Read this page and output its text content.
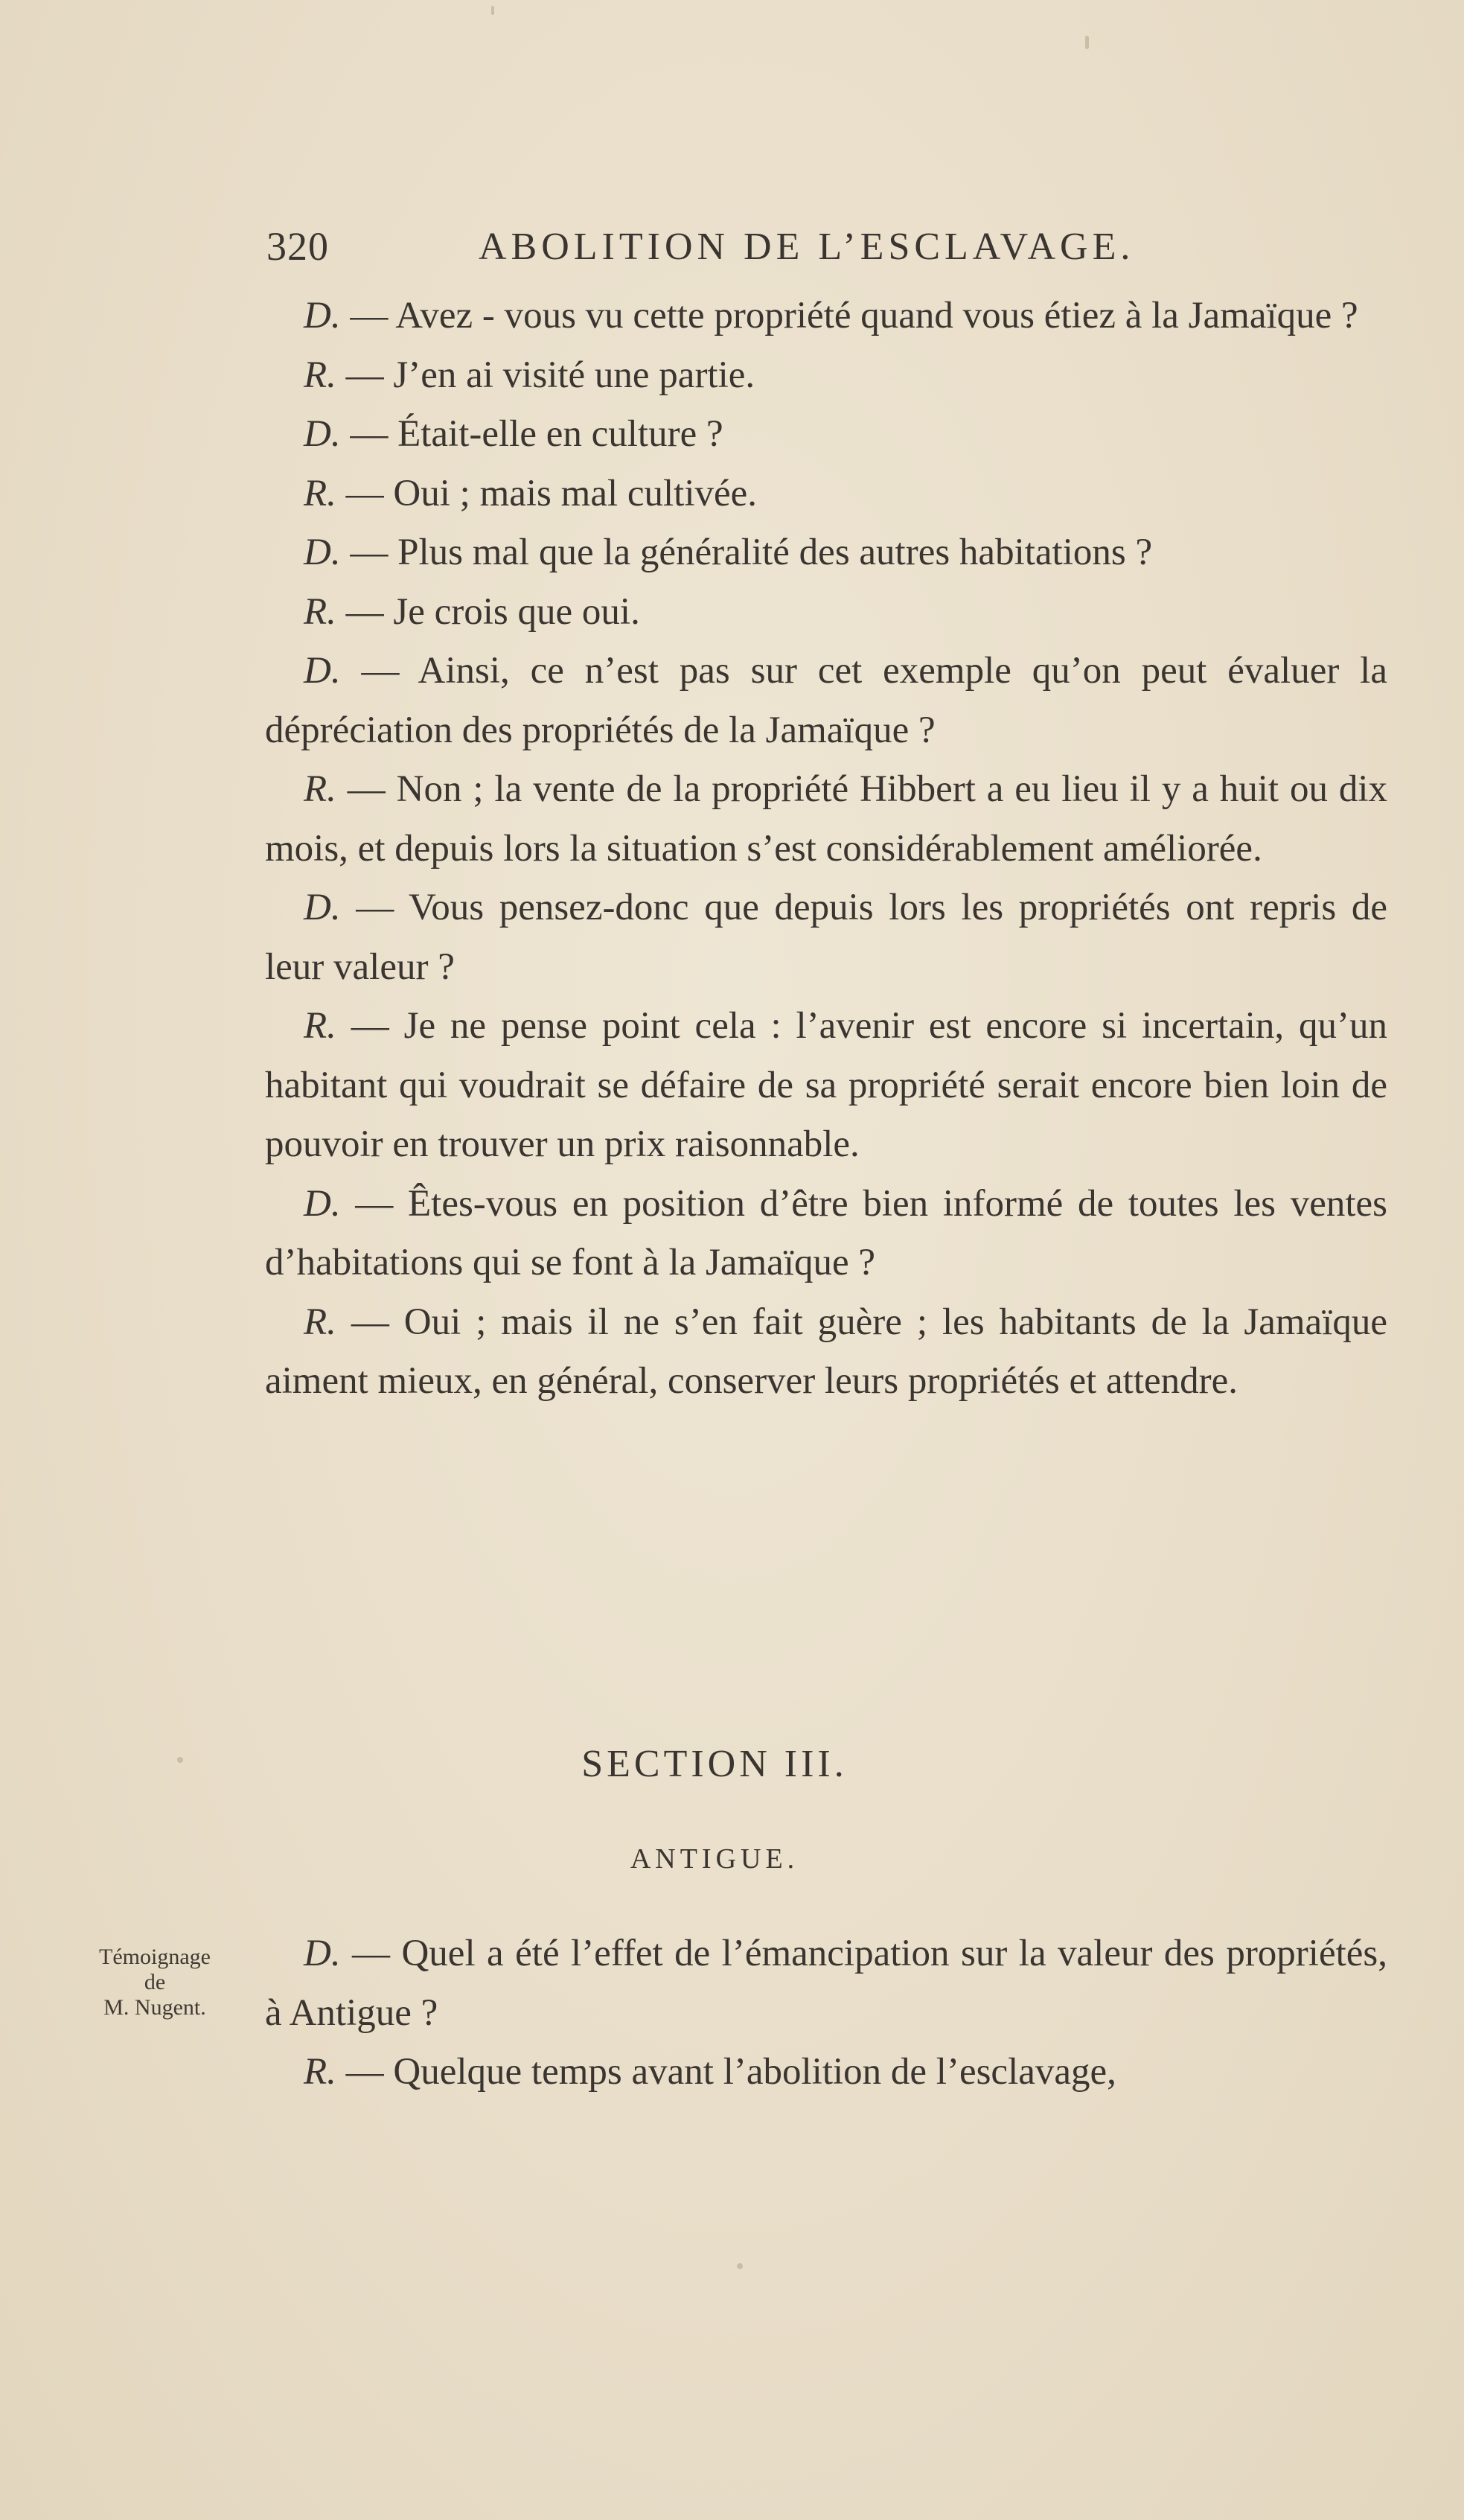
320	ABOLITION DE L’ESCLAVAGE.

D. — Avez - vous vu cette propriété quand vous étiez à la Jamaïque ?

R. — J’en ai visité une partie.

D. — Était-elle en culture ?

R. — Oui ; mais mal cultivée.

D. — Plus mal que la généralité des autres habitations ?

R. — Je crois que oui.

D. — Ainsi, ce n’est pas sur cet exemple qu’on peut évaluer la dépréciation des propriétés de la Jamaïque ?

R. — Non ; la vente de la propriété Hibbert a eu lieu il y a huit ou dix mois, et depuis lors la situation s’est considérablement améliorée.

D. — Vous pensez-donc que depuis lors les propriétés ont repris de leur valeur ?

R. — Je ne pense point cela : l’avenir est encore si incertain, qu’un habitant qui voudrait se défaire de sa propriété serait encore bien loin de pouvoir en trouver un prix raisonnable.

D. — Êtes-vous en position d’être bien informé de toutes les ventes d’habitations qui se font à la Jamaïque ?

R. — Oui ; mais il ne s’en fait guère ; les habitants de la Jamaïque aiment mieux, en général, conserver leurs propriétés et attendre.

SECTION III.
ANTIGUE.
Témoignage
de
M. Nugent.

D. — Quel a été l’effet de l’émancipation sur la valeur des propriétés, à Antigue ?

R. — Quelque temps avant l’abolition de l’esclavage,
